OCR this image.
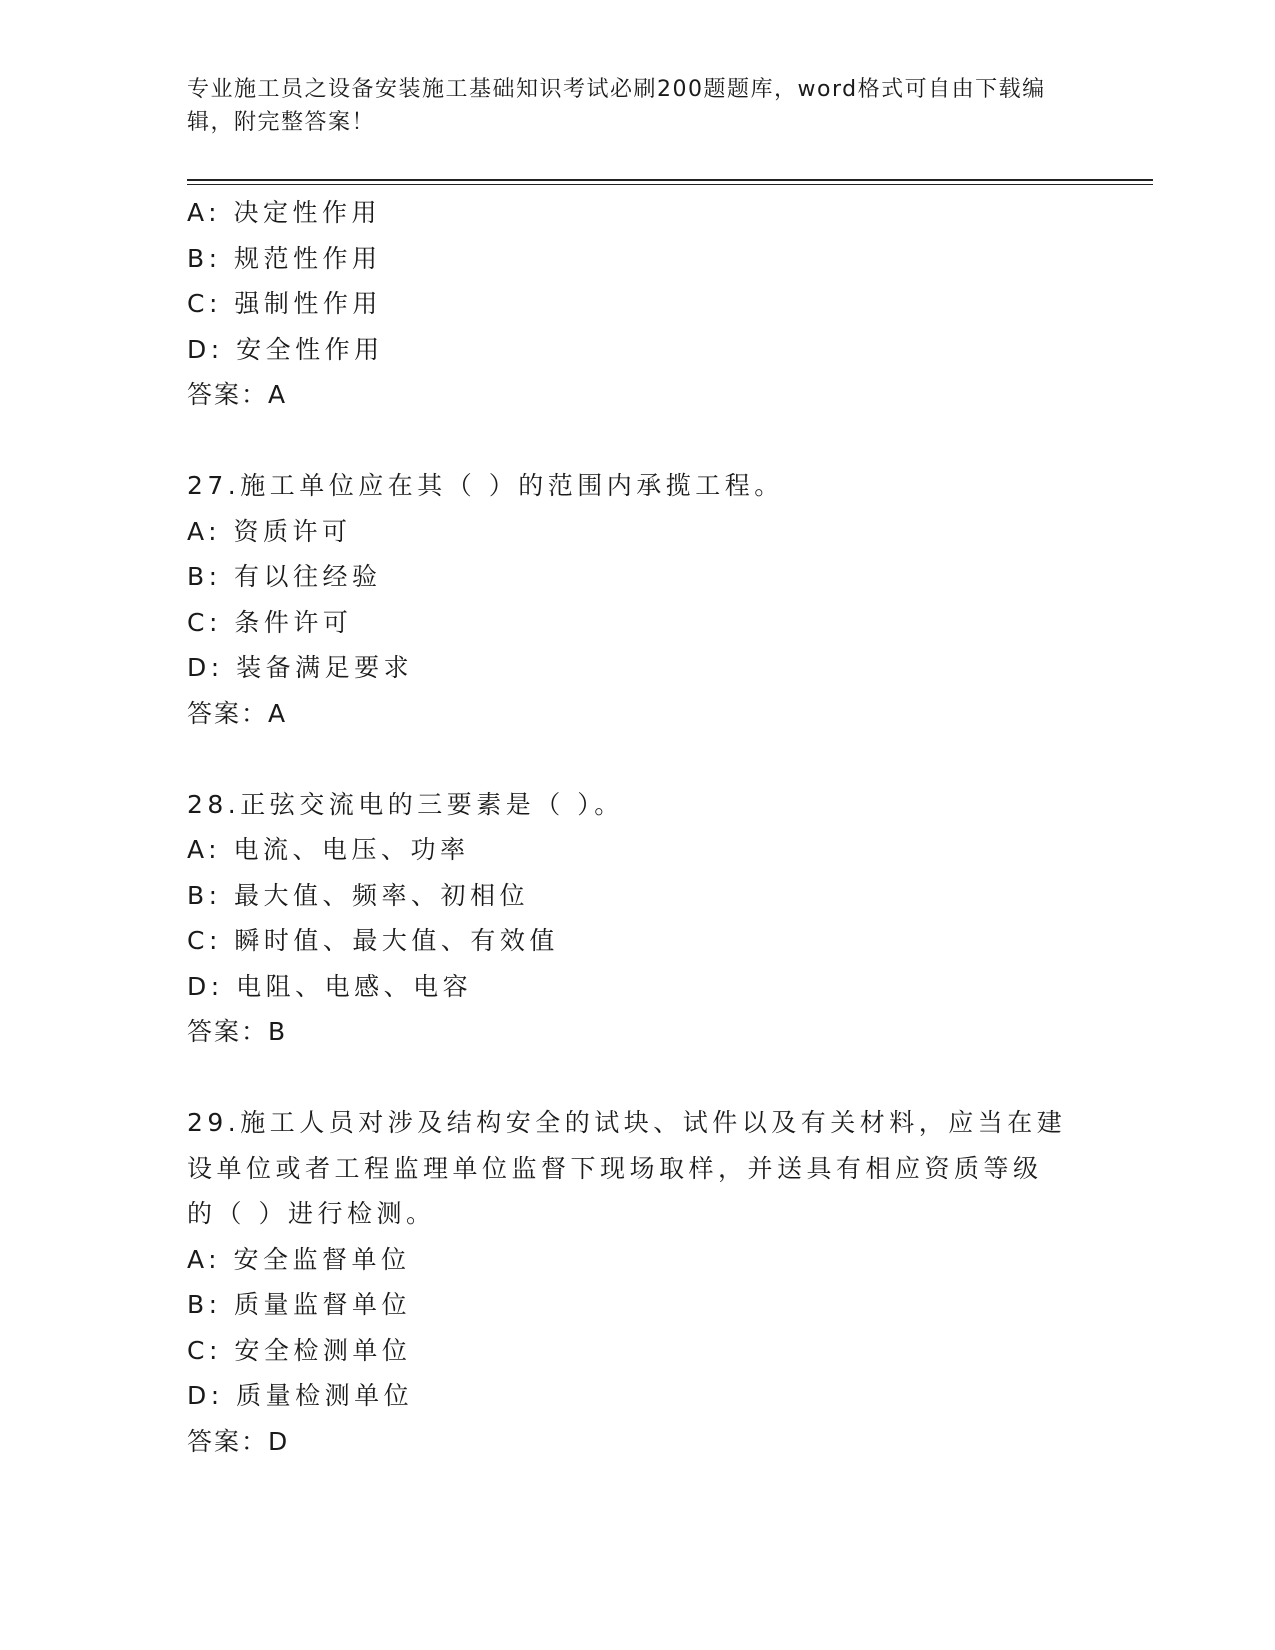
专业施工员之设备安装施工基础知识考试必刷200题题库，word格式可自由下载编辑，附完整答案！
A: 决定性作用
B: 规范性作用
C: 强制性作用
D: 安全性作用
答案：A
27.施工单位应在其（ ）的范围内承揽工程。
A: 资质许可
B: 有以往经验
C: 条件许可
D: 装备满足要求
答案：A
28.正弦交流电的三要素是（ ）。
A: 电流、电压、功率
B: 最大值、频率、初相位
C: 瞬时值、最大值、有效值
D: 电阻、电感、电容
答案：B
29.施工人员对涉及结构安全的试块、试件以及有关材料，应当在建设单位或者工程监理单位监督下现场取样，并送具有相应资质等级的（ ）进行检测。
A: 安全监督单位
B: 质量监督单位
C: 安全检测单位
D: 质量检测单位
答案：D
